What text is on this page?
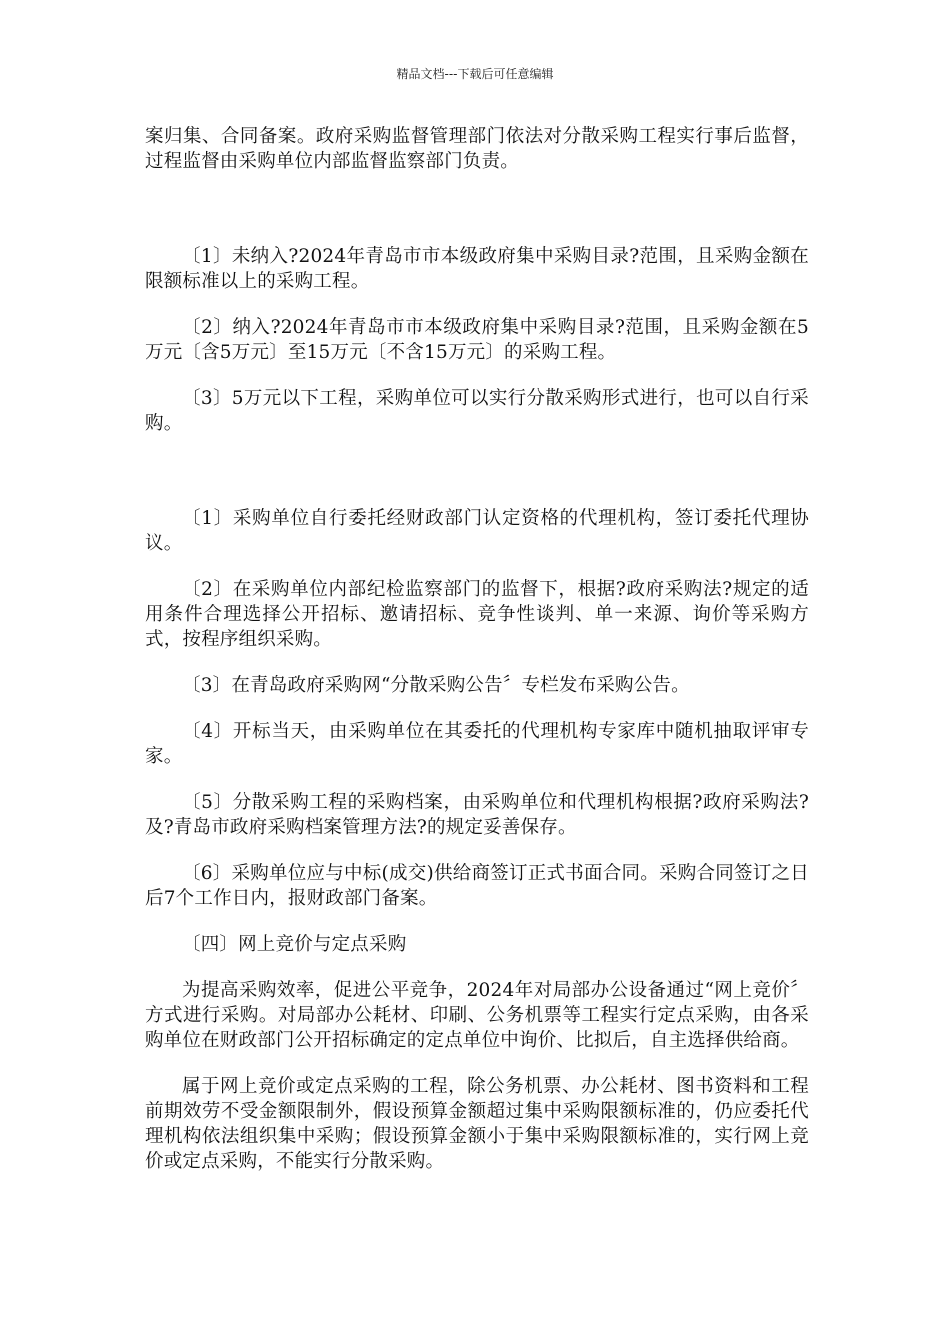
精品文档---下载后可任意编辑

案归集、合同备案。政府采购监督管理部门依法对分散采购工程实行事后监督，过程监督由采购单位内部监督监察部门负责。

〔1〕未纳入?2024年青岛市市本级政府集中采购目录?范围，且采购金额在限额标准以上的采购工程。

〔2〕纳入?2024年青岛市市本级政府集中采购目录?范围，且采购金额在5万元〔含5万元〕至15万元〔不含15万元〕的采购工程。

〔3〕5万元以下工程，采购单位可以实行分散采购形式进行，也可以自行采购。

〔1〕采购单位自行委托经财政部门认定资格的代理机构，签订委托代理协议。

〔2〕在采购单位内部纪检监察部门的监督下，根据?政府采购法?规定的适用条件合理选择公开招标、邀请招标、竞争性谈判、单一来源、询价等采购方式，按程序组织采购。

〔3〕在青岛政府采购网“分散采购公告〞专栏发布采购公告。

〔4〕开标当天，由采购单位在其委托的代理机构专家库中随机抽取评审专家。

〔5〕分散采购工程的采购档案，由采购单位和代理机构根据?政府采购法?及?青岛市政府采购档案管理方法?的规定妥善保存。

〔6〕采购单位应与中标(成交)供给商签订正式书面合同。采购合同签订之日后7个工作日内，报财政部门备案。

〔四〕网上竞价与定点采购

为提高采购效率，促进公平竞争，2024年对局部办公设备通过“网上竞价〞方式进行采购。对局部办公耗材、印刷、公务机票等工程实行定点采购，由各采购单位在财政部门公开招标确定的定点单位中询价、比拟后，自主选择供给商。

属于网上竞价或定点采购的工程，除公务机票、办公耗材、图书资料和工程前期效劳不受金额限制外，假设预算金额超过集中采购限额标准的，仍应委托代理机构依法组织集中采购；假设预算金额小于集中采购限额标准的，实行网上竞价或定点采购，不能实行分散采购。
